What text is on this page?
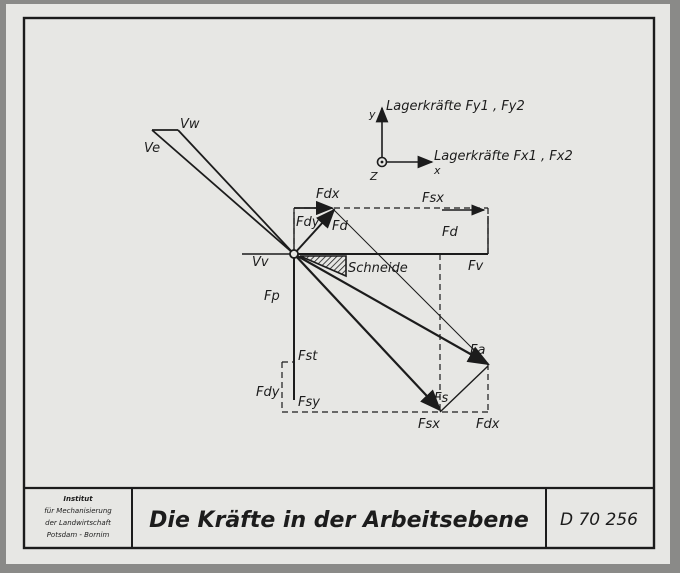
Institut
für Mechanisierung
der Landwirtschaft
Potsdam - Bornim
Die Kräfte in der Arbeitsebene D 70 256
y
x
Z
Lagerkräfte Fy1 , Fy2
Lagerkräfte Fx1 , Fx2
Vw
Ve
Vv
Fdx	Fsx
Fdy Fd	Fd
Fv
Fp
Fst	Fa
Fs
Fdy
Fsy
Fsx	Fdx
Schneide
